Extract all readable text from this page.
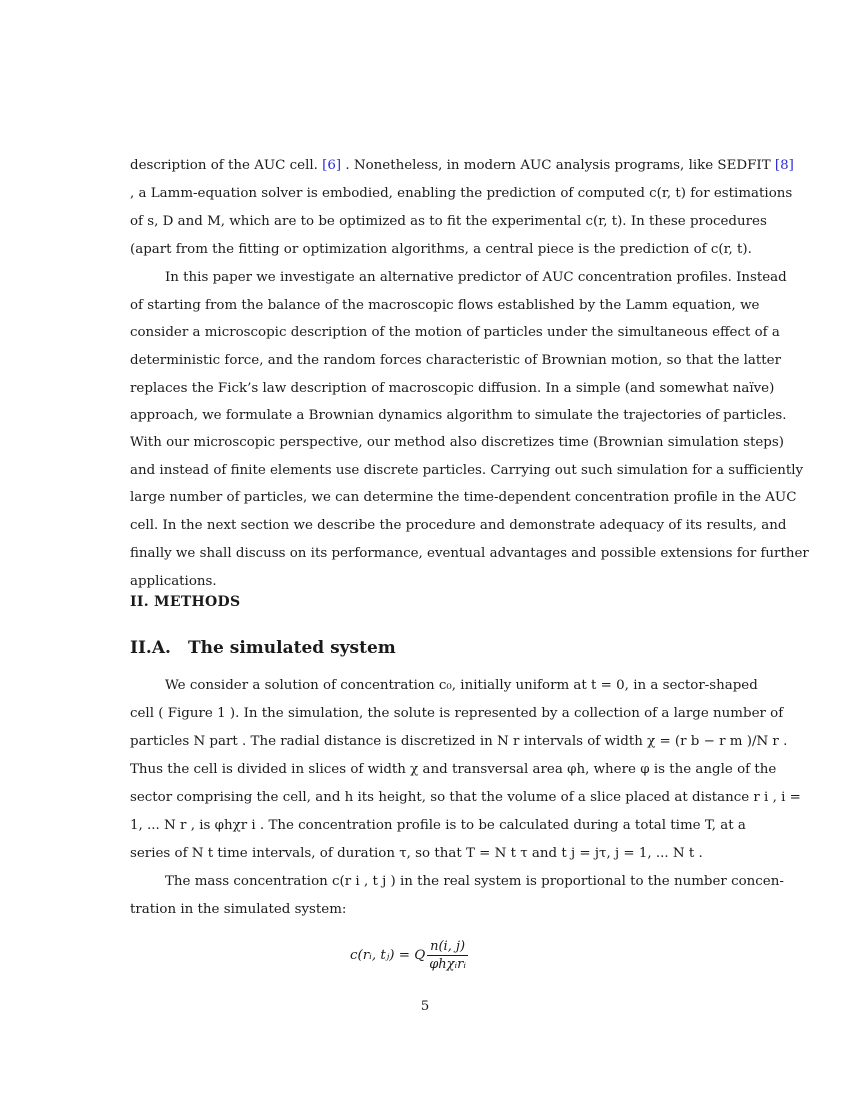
description of the AUC cell. [6] . Nonetheless, in modern AUC analysis programs, like SEDFIT [8]
, a Lamm-equation solver is embodied, enabling the prediction of computed c(r, t) for estimations
of s, D and M, which are to be optimized as to fit the experimental c(r, t). In these procedures
(apart from the fitting or optimization algorithms, a central piece is the prediction of c(r, t).
In this paper we investigate an alternative predictor of AUC concentration profiles. Instead
of starting from the balance of the macroscopic flows established by the Lamm equation, we
consider a microscopic description of the motion of particles under the simultaneous effect of a
deterministic force, and the random forces characteristic of Brownian motion, so that the latter
replaces the Fick’s law description of macroscopic diffusion. In a simple (and somewhat naïve)
approach, we formulate a Brownian dynamics algorithm to simulate the trajectories of particles.
With our microscopic perspective, our method also discretizes time (Brownian simulation steps)
and instead of finite elements use discrete particles. Carrying out such simulation for a sufficiently
large number of particles, we can determine the time-dependent concentration profile in the AUC
cell. In the next section we describe the procedure and demonstrate adequacy of its results, and
finally we shall discuss on its performance, eventual advantages and possible extensions for further
applications.
II. METHODS
II.A. The simulated system
We consider a solution of concentration c₀, initially uniform at t = 0, in a sector-shaped
cell ( Figure 1 ). In the simulation, the solute is represented by a collection of a large number of
particles N part . The radial distance is discretized in N r intervals of width χ = (r b − r m )/N r .
Thus the cell is divided in slices of width χ and transversal area φh, where φ is the angle of the
sector comprising the cell, and h its height, so that the volume of a slice placed at distance r i , i =
1, ... N r , is φhχr i . The concentration profile is to be calculated during a total time T, at a
series of N t time intervals, of duration τ, so that T = N t τ and t j = jτ, j = 1, ... N t .
The mass concentration c(r i , t j ) in the real system is proportional to the number concen-
tration in the simulated system:
c(rᵢ, tⱼ) = Q $\frac{n(i, j)}{\text{φhχᵢrᵢ}}$
5
